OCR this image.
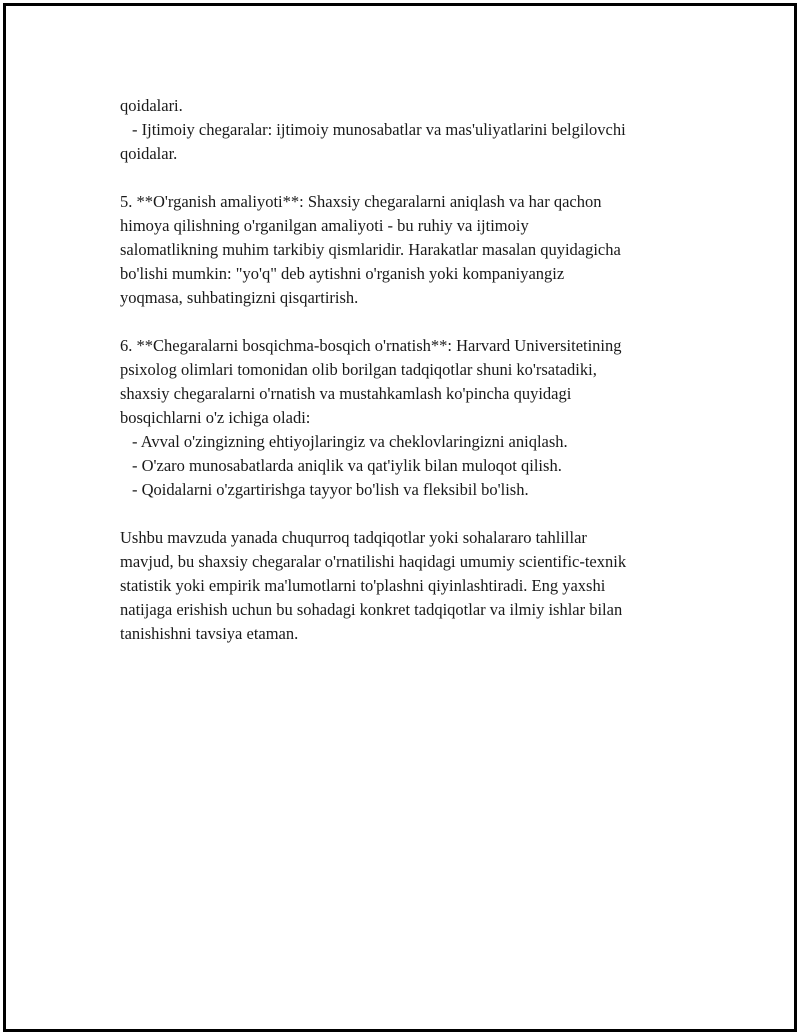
qoidalari.
- Ijtimoiy chegaralar: ijtimoiy munosabatlar va mas'uliyatlarini belgilovchi
qoidalar.
5. **O'rganish amaliyoti**: Shaxsiy chegaralarni aniqlash va har qachon
himoya qilishning o'rganilgan amaliyoti - bu ruhiy va ijtimoiy
salomatlikning muhim tarkibiy qismlaridir. Harakatlar masalan quyidagicha
bo'lishi mumkin: "yo'q" deb aytishni o'rganish yoki kompaniyangiz
yoqmasa, suhbatingizni qisqartirish.
6. **Chegaralarni bosqichma-bosqich o'rnatish**: Harvard Universitetining
psixolog olimlari tomonidan olib borilgan tadqiqotlar shuni ko'rsatadiki,
shaxsiy chegaralarni o'rnatish va mustahkamlash ko'pincha quyidagi
bosqichlarni o'z ichiga oladi:
- Avval o'zingizning ehtiyojlaringiz va cheklovlaringizni aniqlash.
- O'zaro munosabatlarda aniqlik va qat'iylik bilan muloqot qilish.
- Qoidalarni o'zgartirishga tayyor bo'lish va fleksibil bo'lish.
Ushbu mavzuda yanada chuqurroq tadqiqotlar yoki sohalararo tahlillar
mavjud, bu shaxsiy chegaralar o'rnatilishi haqidagi umumiy scientific-texnik
statistik yoki empirik ma'lumotlarni to'plashni qiyinlashtiradi. Eng yaxshi
natijaga erishish uchun bu sohadagi konkret tadqiqotlar va ilmiy ishlar bilan
tanishishni tavsiya etaman.
